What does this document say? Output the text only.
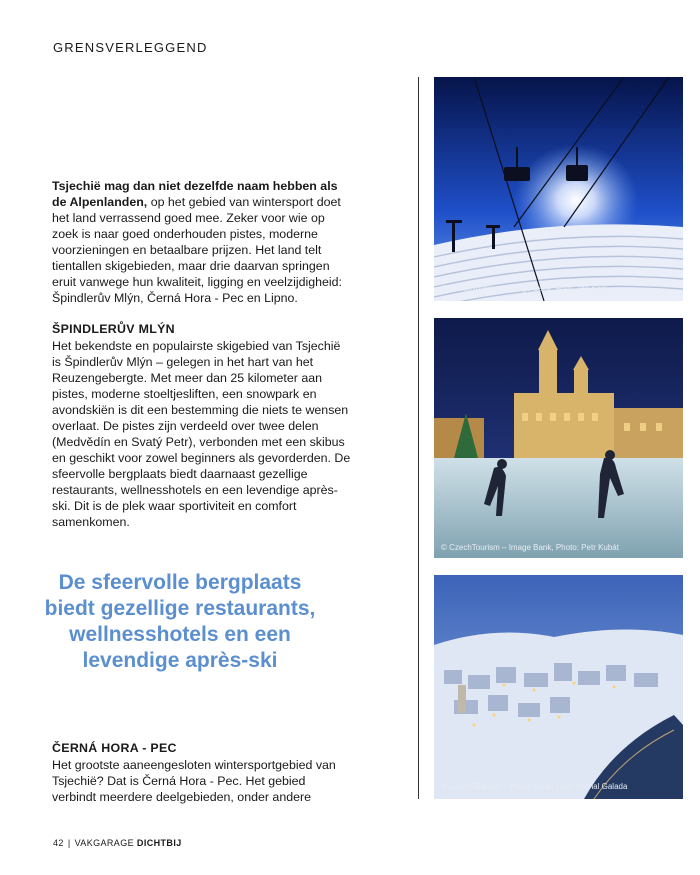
GRENSVERLEGGEND
Tsjechië mag dan niet dezelfde naam hebben als de Alpenlanden, op het gebied van wintersport doet het land verrassend goed mee. Zeker voor wie op zoek is naar goed onderhouden pistes, moderne voorzieningen en betaalbare prijzen. Het land telt tientallen skigebieden, maar drie daarvan springen eruit vanwege hun kwaliteit, ligging en veelzijdigheid: Špindlerův Mlýn, Černá Hora - Pec en Lipno.
ŠPINDLERŮV MLÝN
Het bekendste en populairste skigebied van Tsjechië is Špindlerův Mlýn – gelegen in het hart van het Reuzengebergte. Met meer dan 25 kilometer aan pistes, moderne stoeltjesliften, een snowpark en avondskiën is dit een bestemming die niets te wensen overlaat. De pistes zijn verdeeld over twee delen (Medvědín en Svatý Petr), verbonden met een skibus en geschikt voor zowel beginners als gevorderden. De sfeervolle bergplaats biedt daarnaast gezellige restaurants, wellnesshotels en een levendige après-ski. Dit is de plek waar sportiviteit en comfort samenkomen.
De sfeervolle bergplaats biedt gezellige restaurants, wellnesshotels en een levendige après-ski
ČERNÁ HORA - PEC
Het grootste aaneengesloten wintersportgebied van Tsjechië? Dat is Černá Hora - Pec. Het gebied verbindt meerdere deelgebieden, onder andere
© CzechTourism – Image Bank, Foto: Jan Kasl
© CzechTourism – Image Bank, Photo: Petr Kubát
© CzechTourism – Image Bank, Foto: Michal Galada
42 | VAKGARAGE DICHTBIJ
